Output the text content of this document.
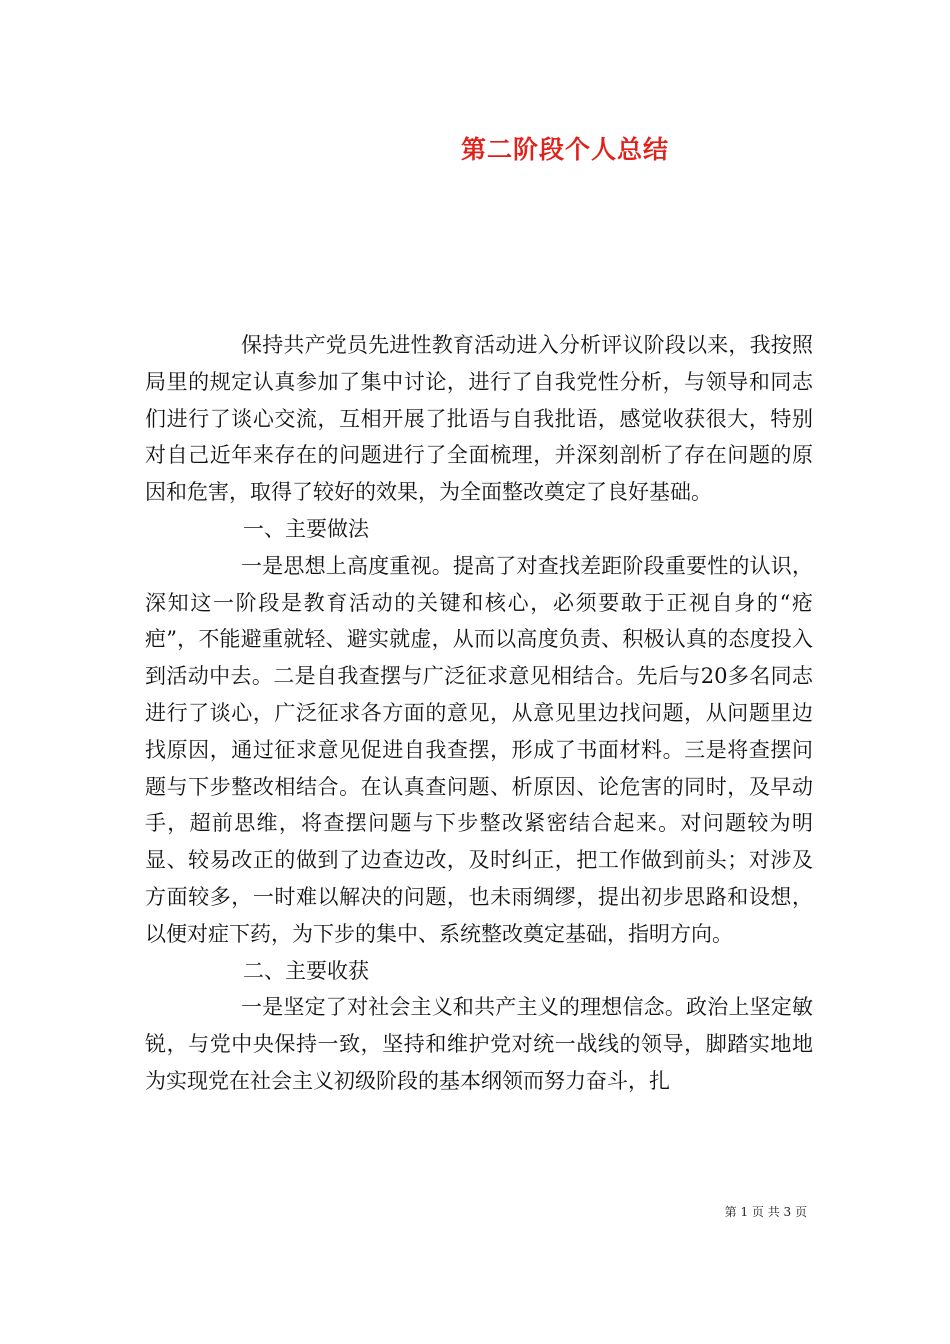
第二阶段个人总结

保持共产党员先进性教育活动进入分析评议阶段以来，我按照局里的规定认真参加了集中讨论，进行了自我党性分析，与领导和同志们进行了谈心交流，互相开展了批语与自我批语，感觉收获很大，特别对自己近年来存在的问题进行了全面梳理，并深刻剖析了存在问题的原因和危害，取得了较好的效果，为全面整改奠定了良好基础。

一、主要做法

一是思想上高度重视。提高了对查找差距阶段重要性的认识，深知这一阶段是教育活动的关键和核心，必须要敢于正视自身的“疮疤”，不能避重就轻、避实就虚，从而以高度负责、积极认真的态度投入到活动中去。二是自我查摆与广泛征求意见相结合。先后与20多名同志进行了谈心，广泛征求各方面的意见，从意见里边找问题，从问题里边找原因，通过征求意见促进自我查摆，形成了书面材料。三是将查摆问题与下步整改相结合。在认真查问题、析原因、论危害的同时，及早动手，超前思维，将查摆问题与下步整改紧密结合起来。对问题较为明显、较易改正的做到了边查边改，及时纠正，把工作做到前头；对涉及方面较多，一时难以解决的问题，也未雨绸缪，提出初步思路和设想，以便对症下药，为下步的集中、系统整改奠定基础，指明方向。

二、主要收获

一是坚定了对社会主义和共产主义的理想信念。政治上坚定敏锐，与党中央保持一致，坚持和维护党对统一战线的领导，脚踏实地地为实现党在社会主义初级阶段的基本纲领而努力奋斗，扎

第 1 页 共 3 页
